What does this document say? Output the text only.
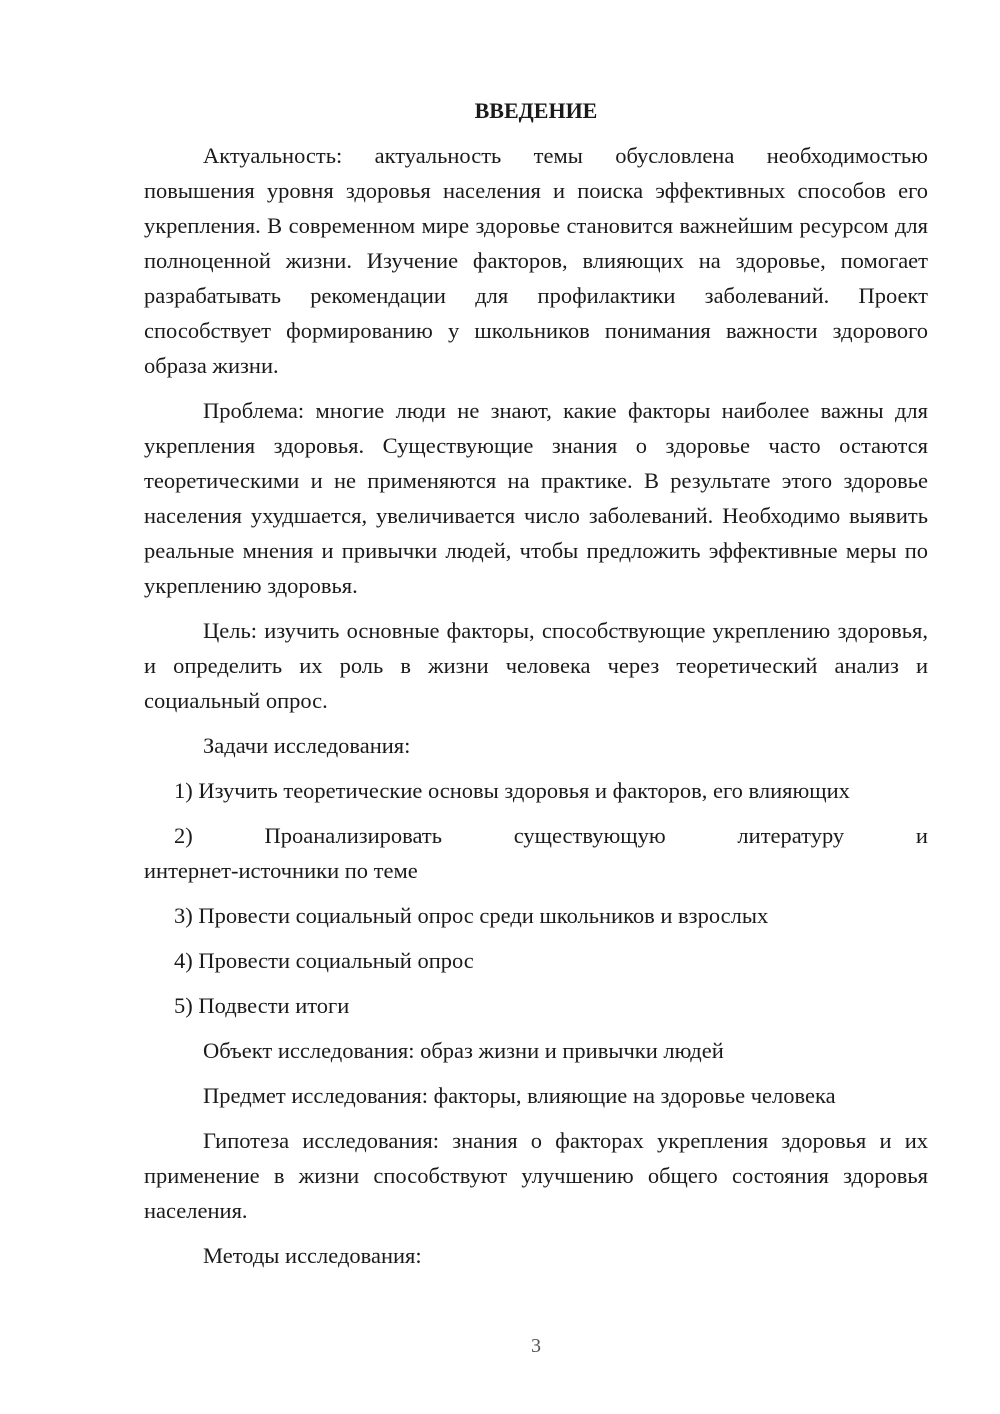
ВВЕДЕНИЕ

Актуальность: актуальность темы обусловлена необходимостью повышения уровня здоровья населения и поиска эффективных способов его укрепления. В современном мире здоровье становится важнейшим ресурсом для полноценной жизни. Изучение факторов, влияющих на здоровье, помогает разрабатывать рекомендации для профилактики заболеваний. Проект способствует формированию у школьников понимания важности здорового образа жизни.

Проблема: многие люди не знают, какие факторы наиболее важны для укрепления здоровья. Существующие знания о здоровье часто остаются теоретическими и не применяются на практике. В результате этого здоровье населения ухудшается, увеличивается число заболеваний. Необходимо выявить реальные мнения и привычки людей, чтобы предложить эффективные меры по укреплению здоровья.

Цель: изучить основные факторы, способствующие укреплению здоровья, и определить их роль в жизни человека через теоретический анализ и социальный опрос.

Задачи исследования:

1) Изучить теоретические основы здоровья и факторов, его влияющих

2)	Проанализировать	существующую	литературу	и

интернет-источники по теме

3) Провести социальный опрос среди школьников и взрослых

4) Провести социальный опрос

5) Подвести итоги

Объект исследования: образ жизни и привычки людей

Предмет исследования: факторы, влияющие на здоровье человека

Гипотеза исследования: знания о факторах укрепления здоровья и их применение в жизни способствуют улучшению общего состояния здоровья населения.

Методы исследования:

3
